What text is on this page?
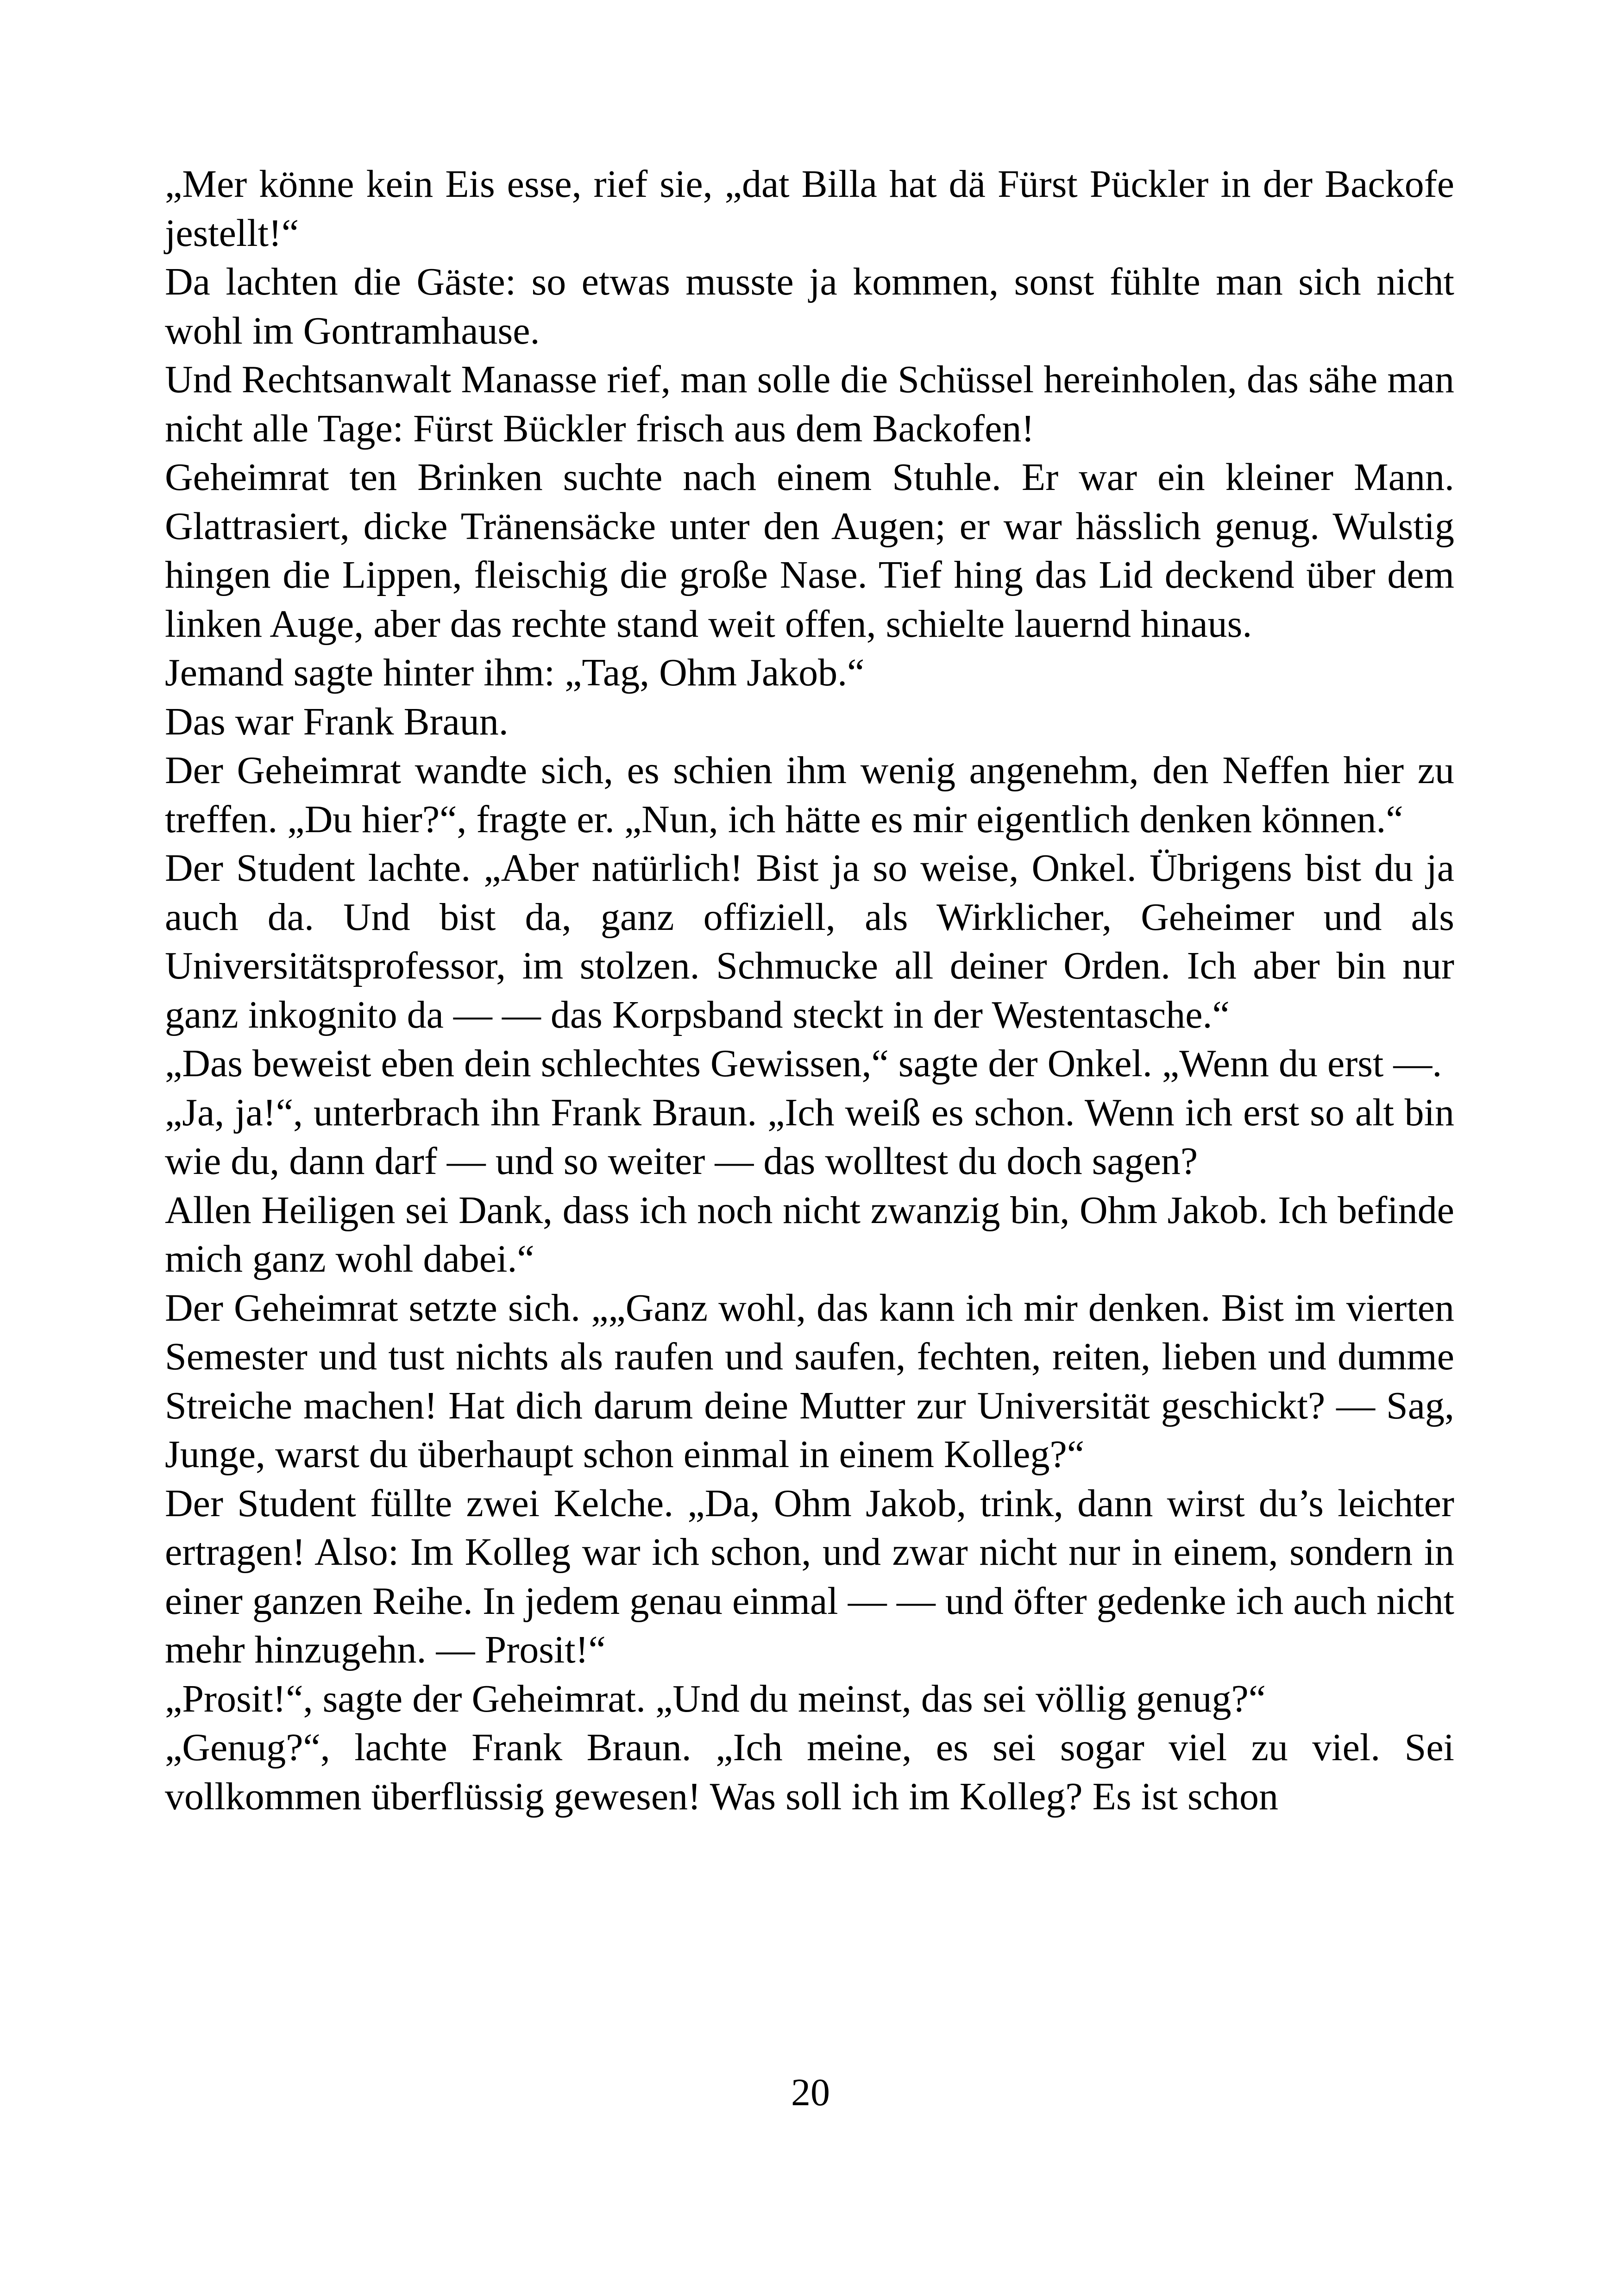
„Mer könne kein Eis esse, rief sie, „dat Billa hat dä Fürst Pückler in der Backofe jestellt!“

Da lachten die Gäste: so etwas musste ja kommen, sonst fühlte man sich nicht wohl im Gontramhause.

Und Rechtsanwalt Manasse rief, man solle die Schüssel hereinholen, das sähe man nicht alle Tage: Fürst Bückler frisch aus dem Backofen!

Geheimrat ten Brinken suchte nach einem Stuhle. Er war ein kleiner Mann. Glattrasiert, dicke Tränensäcke unter den Augen; er war hässlich genug. Wulstig hingen die Lippen, fleischig die große Nase. Tief hing das Lid deckend über dem linken Auge, aber das rechte stand weit offen, schielte lauernd hinaus.

Jemand sagte hinter ihm: „Tag, Ohm Jakob.“

Das war Frank Braun.

Der Geheimrat wandte sich, es schien ihm wenig angenehm, den Neffen hier zu treffen. „Du hier?“, fragte er. „Nun, ich hätte es mir eigentlich denken können.“

Der Student lachte. „Aber natürlich! Bist ja so weise, Onkel. Übrigens bist du ja auch da. Und bist da, ganz offiziell, als Wirklicher, Geheimer und als Universitätsprofessor, im stolzen. Schmucke all deiner Orden. Ich aber bin nur ganz inkognito da — — das Korpsband steckt in der Westentasche.“

„Das beweist eben dein schlechtes Gewissen,“ sagte der Onkel. „Wenn du erst —.

„Ja, ja!“, unterbrach ihn Frank Braun. „Ich weiß es schon. Wenn ich erst so alt bin wie du, dann darf — und so weiter — das wolltest du doch sagen?

Allen Heiligen sei Dank, dass ich noch nicht zwanzig bin, Ohm Jakob. Ich befinde mich ganz wohl dabei.“

Der Geheimrat setzte sich. „„Ganz wohl, das kann ich mir denken. Bist im vierten Semester und tust nichts als raufen und saufen, fechten, reiten, lieben und dumme Streiche machen! Hat dich darum deine Mutter zur Universität geschickt? — Sag, Junge, warst du überhaupt schon einmal in einem Kolleg?“

Der Student füllte zwei Kelche. „Da, Ohm Jakob, trink, dann wirst du’s leichter ertragen! Also: Im Kolleg war ich schon, und zwar nicht nur in einem, sondern in einer ganzen Reihe. In jedem genau einmal — — und öfter gedenke ich auch nicht mehr hinzugehn. — Prosit!“

„Prosit!“, sagte der Geheimrat. „Und du meinst, das sei völlig genug?“

„Genug?“, lachte Frank Braun. „Ich meine, es sei sogar viel zu viel. Sei vollkommen überflüssig gewesen! Was soll ich im Kolleg? Es ist schon

20
